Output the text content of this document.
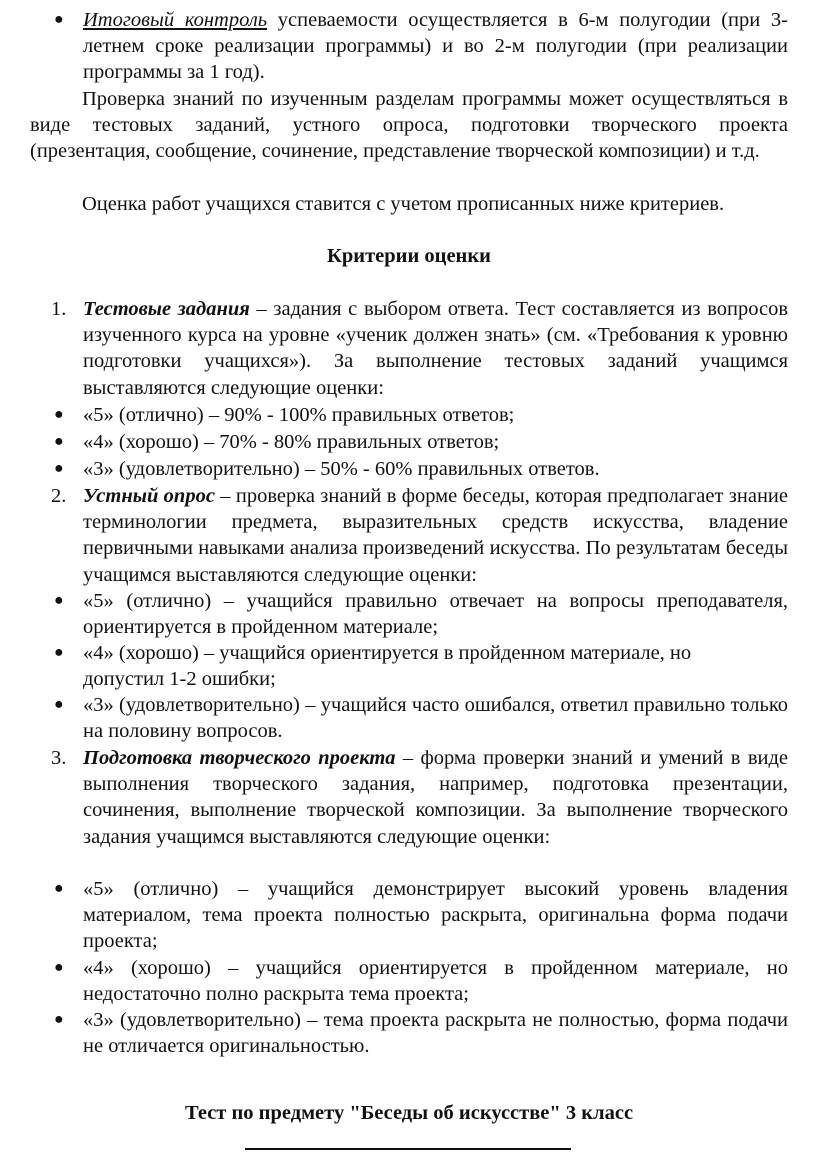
● Итоговый контроль успеваемости осуществляется в 6-м полугодии (при 3-летнем сроке реализации программы) и во 2-м полугодии (при реализации программы за 1 год).
Проверка знаний по изученным разделам программы может осуществляться в виде тестовых заданий, устного опроса, подготовки творческого проекта (презентация, сообщение, сочинение, представление творческой композиции) и т.д.
Оценка работ учащихся ставится с учетом прописанных ниже критериев.
Критерии оценки
1. Тестовые задания – задания с выбором ответа. Тест составляется из вопросов изученного курса на уровне «ученик должен знать» (см. «Требования к уровню подготовки учащихся»). За выполнение тестовых заданий учащимся выставляются следующие оценки:
● «5» (отлично) – 90% - 100% правильных ответов;
● «4» (хорошо) – 70% - 80% правильных ответов;
● «3» (удовлетворительно) – 50% - 60% правильных ответов.
2. Устный опрос – проверка знаний в форме беседы, которая предполагает знание терминологии предмета, выразительных средств искусства, владение первичными навыками анализа произведений искусства. По результатам беседы учащимся выставляются следующие оценки:
● «5» (отлично) – учащийся правильно отвечает на вопросы преподавателя, ориентируется в пройденном материале;
● «4» (хорошо) – учащийся ориентируется в пройденном материале, но допустил 1-2 ошибки;
● «3» (удовлетворительно) – учащийся часто ошибался, ответил правильно только на половину вопросов.
3. Подготовка творческого проекта – форма проверки знаний и умений в виде выполнения творческого задания, например, подготовка презентации, сочинения, выполнение творческой композиции. За выполнение творческого задания учащимся выставляются следующие оценки:
● «5» (отлично) – учащийся демонстрирует высокий уровень владения материалом, тема проекта полностью раскрыта, оригинальна форма подачи проекта;
● «4» (хорошо) – учащийся ориентируется в пройденном материале, но недостаточно полно раскрыта тема проекта;
● «3» (удовлетворительно) – тема проекта раскрыта не полностью, форма подачи не отличается оригинальностью.
Тест по предмету "Беседы об искусстве" 3 класс
